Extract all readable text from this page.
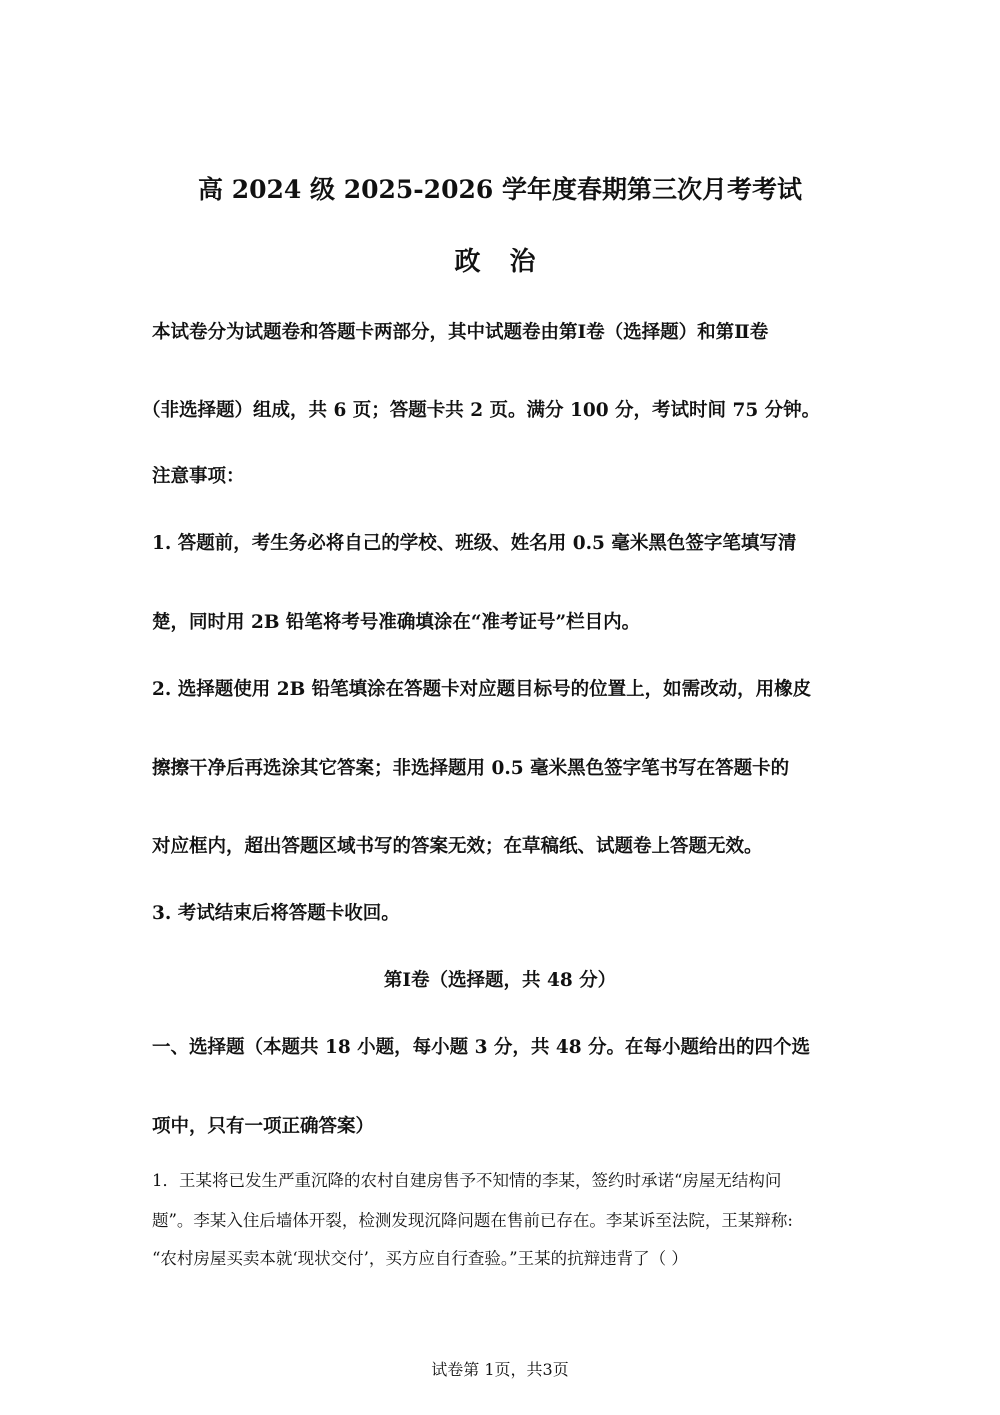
高 2024 级 2025-2026 学年度春期第三次月考考试
政 治
本试卷分为试题卷和答题卡两部分，其中试题卷由第Ⅰ卷（选择题）和第Ⅱ卷
（非选择题）组成，共 6 页；答题卡共 2 页。满分 100 分，考试时间 75 分钟。
注意事项：
1. 答题前，考生务必将自己的学校、班级、姓名用 0.5 毫米黑色签字笔填写清
楚，同时用 2B 铅笔将考号准确填涂在“准考证号”栏目内。
2. 选择题使用 2B 铅笔填涂在答题卡对应题目标号的位置上，如需改动，用橡皮
擦擦干净后再选涂其它答案；非选择题用 0.5 毫米黑色签字笔书写在答题卡的
对应框内，超出答题区域书写的答案无效；在草稿纸、试题卷上答题无效。
3. 考试结束后将答题卡收回。
第Ⅰ卷（选择题，共 48 分）
一、选择题（本题共 18 小题，每小题 3 分，共 48 分。在每小题给出的四个选
项中，只有一项正确答案）
1．王某将已发生严重沉降的农村自建房售予不知情的李某，签约时承诺“房屋无结构问
题”。李某入住后墙体开裂，检测发现沉降问题在售前已存在。李某诉至法院，王某辩称:
“农村房屋买卖本就‘现状交付’，买方应自行查验。”王某的抗辩违背了（ ）
试卷第 1页，共3页
